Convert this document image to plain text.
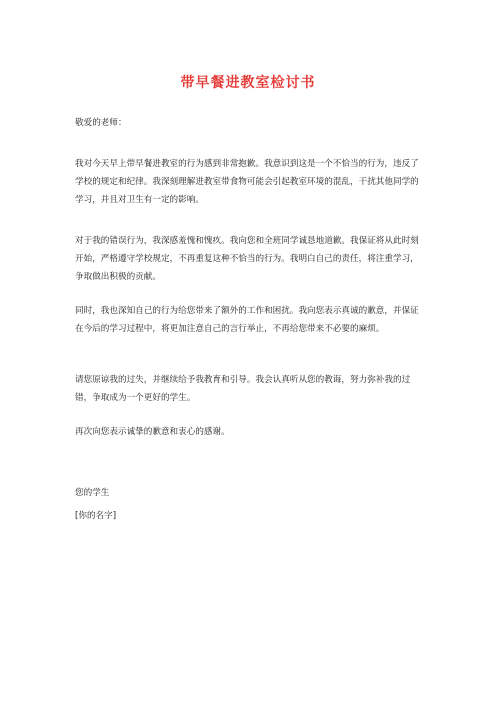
带早餐进教室检讨书
敬爱的老师：
我对今天早上带早餐进教室的行为感到非常抱歉。我意识到这是一个不恰当的行为，违反了学校的规定和纪律。我深刻理解进教室带食物可能会引起教室环境的混乱，干扰其他同学的学习，并且对卫生有一定的影响。
对于我的错误行为，我深感羞愧和愧疚。我向您和全班同学诚恳地道歉。我保证将从此时刻开始，严格遵守学校规定，不再重复这种不恰当的行为。我明白自己的责任，将注重学习，争取做出积极的贡献。
同时，我也深知自己的行为给您带来了额外的工作和困扰。我向您表示真诚的歉意，并保证在今后的学习过程中，将更加注意自己的言行举止，不再给您带来不必要的麻烦。
请您原谅我的过失，并继续给予我教育和引导。我会认真听从您的教诲，努力弥补我的过错，争取成为一个更好的学生。
再次向您表示诚挚的歉意和衷心的感谢。
您的学生
[你的名字]
